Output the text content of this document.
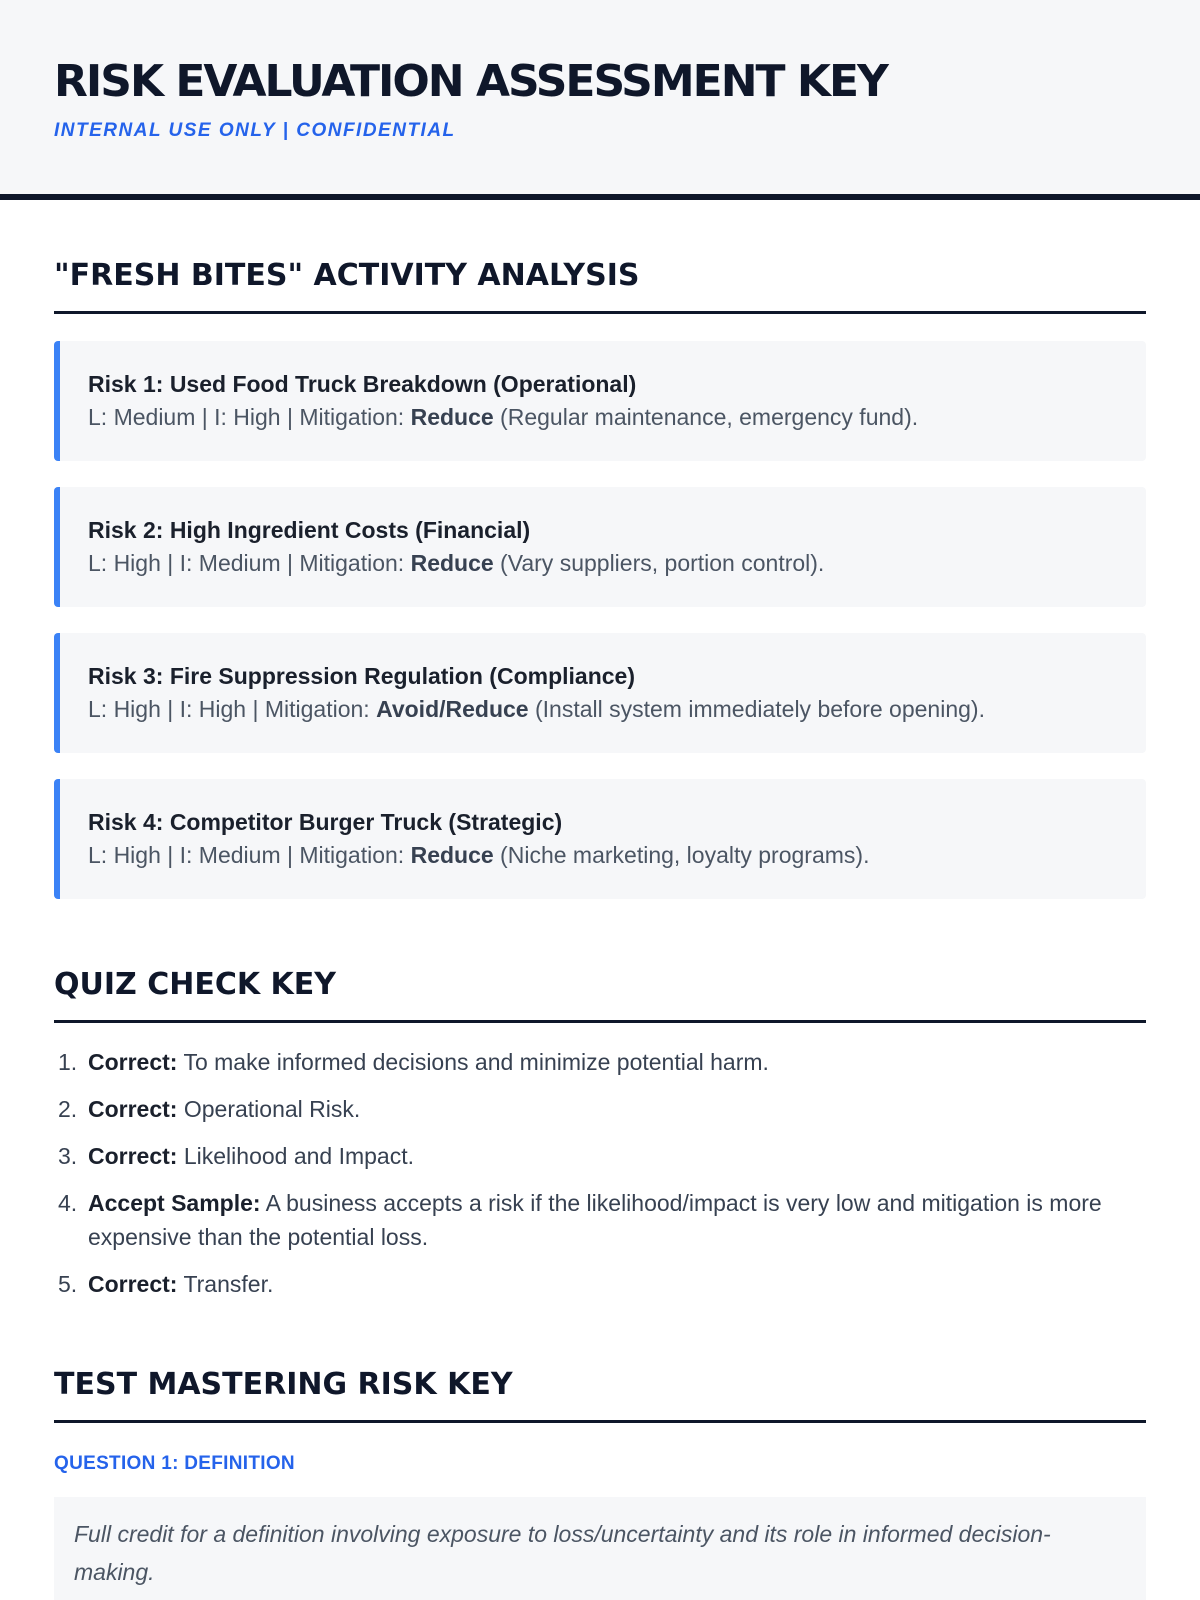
RISK EVALUATION ASSESSMENT KEY
INTERNAL USE ONLY | CONFIDENTIAL
"FRESH BITES" ACTIVITY ANALYSIS
Risk 1: Used Food Truck Breakdown (Operational)
L: Medium | I: High | Mitigation: Reduce (Regular maintenance, emergency fund).
Risk 2: High Ingredient Costs (Financial)
L: High | I: Medium | Mitigation: Reduce (Vary suppliers, portion control).
Risk 3: Fire Suppression Regulation (Compliance)
L: High | I: High | Mitigation: Avoid/Reduce (Install system immediately before opening).
Risk 4: Competitor Burger Truck (Strategic)
L: High | I: Medium | Mitigation: Reduce (Niche marketing, loyalty programs).
QUIZ CHECK KEY
1. Correct: To make informed decisions and minimize potential harm.
2. Correct: Operational Risk.
3. Correct: Likelihood and Impact.
4. Accept Sample: A business accepts a risk if the likelihood/impact is very low and mitigation is more expensive than the potential loss.
5. Correct: Transfer.
TEST MASTERING RISK KEY
QUESTION 1: DEFINITION
Full credit for a definition involving exposure to loss/uncertainty and its role in informed decision-making.
